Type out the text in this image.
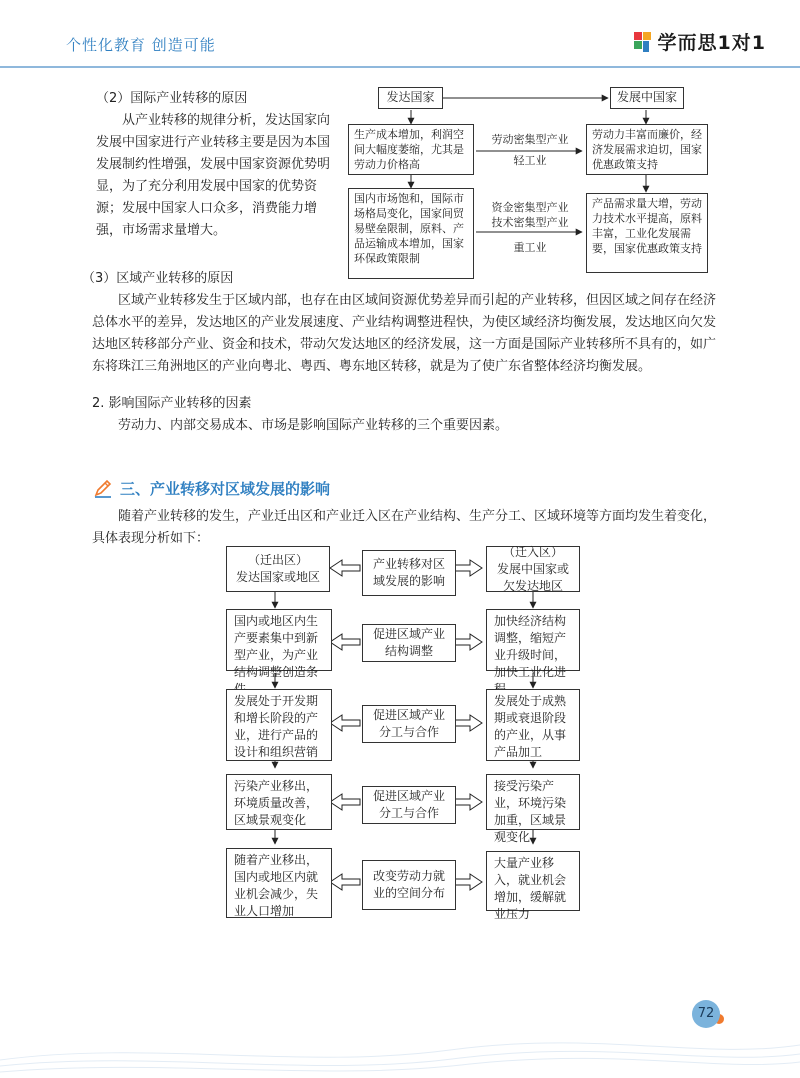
个性化教育 创造可能	学而思1对1
（2）国际产业转移的原因
从产业转移的规律分析，发达国家向发展中国家进行产业转移主要是因为本国发展制约性增强，发展中国家资源优势明显，为了充分利用发展中国家的优势资源；发展中国家人口众多，消费能力增强，市场需求量增大。
发达国家	发展中国家
生产成本增加，利润空间大幅度萎缩，尤其是劳动力价格高
国内市场饱和，国际市场格局变化，国家间贸易壁垒限制，原料、产品运输成本增加，国家环保政策限制
劳动密集型产业
轻工业
资金密集型产业
技术密集型产业
重工业
劳动力丰富而廉价，经济发展需求迫切，国家优惠政策支持
产品需求量大增，劳动力技术水平提高，原料丰富，工业化发展需要，国家优惠政策支持
（3）区域产业转移的原因
区域产业转移发生于区域内部，也存在由区域间资源优势差异而引起的产业转移，但因区域之间存在经济总体水平的差异，发达地区的产业发展速度、产业结构调整进程快，为使区域经济均衡发展，发达地区向欠发达地区转移部分产业、资金和技术，带动欠发达地区的经济发展，这一方面是国际产业转移所不具有的，如广东将珠江三角洲地区的产业向粤北、粤西、粤东地区转移，就是为了使广东省整体经济均衡发展。
2. 影响国际产业转移的因素
劳动力、内部交易成本、市场是影响国际产业转移的三个重要因素。
三、产业转移对区域发展的影响
随着产业转移的发生，产业迁出区和产业迁入区在产业结构、生产分工、区域环境等方面均发生着变化，具体表现分析如下：
（迁出区）
发达国家或地区
产业转移对区域发展的影响
（迁入区）
发展中国家或欠发达地区
国内或地区内生产要素集中到新型产业，为产业结构调整创造条
促进区域产业结构调整
加快经济结构调整，缩短产业升级时间，加快工业化进
发展处于开发期和增长阶段的产业，进行产品的设计和组织营销
促进区域产业分工与合作
发展处于成熟期或衰退阶段的产业，从事产品加工
污染产业移出，环境质量改善，区域景观变化
促进区域产业分工与合作
接受污染产业，环境污染加重，区域景观变化
随着产业移出，国内或地区内就业机会减少，失业人口增加
改变劳动力就业的空间分布
大量产业移入，就业机会增加，缓解就业压力
72
